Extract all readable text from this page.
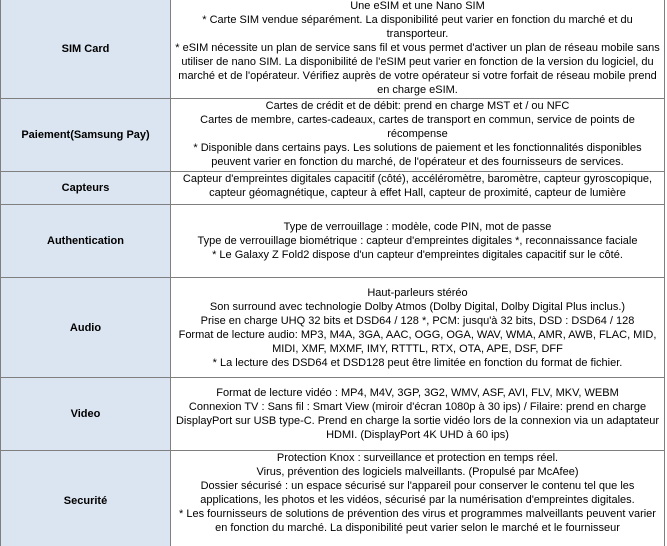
SIM Card	Une eSIM et une Nano SIM
* Carte SIM vendue séparément. La disponibilité peut varier en fonction du marché et du transporteur.
* eSIM nécessite un plan de service sans fil et vous permet d'activer un plan de réseau mobile sans utiliser de nano SIM. La disponibilité de l'eSIM peut varier en fonction de la version du logiciel, du marché et de l'opérateur. Vérifiez auprès de votre opérateur si votre forfait de réseau mobile prend en charge eSIM.

Paiement(Samsung Pay)	Cartes de crédit et de débit: prend en charge MST et / ou NFC
Cartes de membre, cartes-cadeaux, cartes de transport en commun, service de points de récompense
* Disponible dans certains pays. Les solutions de paiement et les fonctionnalités disponibles peuvent varier en fonction du marché, de l'opérateur et des fournisseurs de services.

Capteurs	Capteur d'empreintes digitales capacitif (côté), accéléromètre, baromètre, capteur gyroscopique, capteur géomagnétique, capteur à effet Hall, capteur de proximité, capteur de lumière

Authentication	Type de verrouillage : modèle, code PIN, mot de passe
Type de verrouillage biométrique : capteur d'empreintes digitales *, reconnaissance faciale
* Le Galaxy Z Fold2 dispose d'un capteur d'empreintes digitales capacitif sur le côté.

Audio	Haut-parleurs stéréo
Son surround avec technologie Dolby Atmos (Dolby Digital, Dolby Digital Plus inclus.)
Prise en charge UHQ 32 bits et DSD64 / 128 *, PCM: jusqu'à 32 bits, DSD : DSD64 / 128
Format de lecture audio: MP3, M4A, 3GA, AAC, OGG, OGA, WAV, WMA, AMR, AWB, FLAC, MID, MIDI, XMF, MXMF, IMY, RTTTL, RTX, OTA, APE, DSF, DFF
* La lecture des DSD64 et DSD128 peut être limitée en fonction du format de fichier.

Video	Format de lecture vidéo : MP4, M4V, 3GP, 3G2, WMV, ASF, AVI, FLV, MKV, WEBM
Connexion TV : Sans fil : Smart View (miroir d'écran 1080p à 30 ips) / Filaire: prend en charge DisplayPort sur USB type-C. Prend en charge la sortie vidéo lors de la connexion via un adaptateur HDMI. (DisplayPort 4K UHD à 60 ips)

Securité	Protection Knox : surveillance et protection en temps réel.
Virus, prévention des logiciels malveillants. (Propulsé par McAfee)
Dossier sécurisé : un espace sécurisé sur l'appareil pour conserver le contenu tel que les applications, les photos et les vidéos, sécurisé par la numérisation d'empreintes digitales.
* Les fournisseurs de solutions de prévention des virus et programmes malveillants peuvent varier en fonction du marché. La disponibilité peut varier selon le marché et le fournisseur
